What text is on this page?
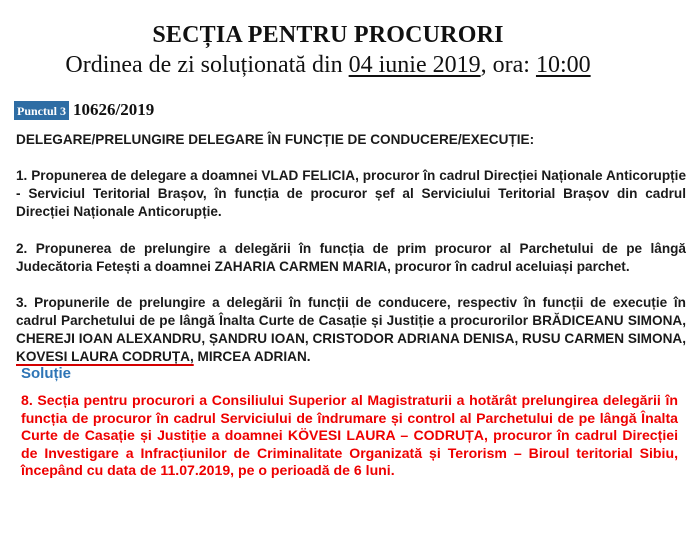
SECȚIA PENTRU PROCURORI
Ordinea de zi soluționată din 04 iunie 2019, ora: 10:00
Punctul 3 10626/2019
DELEGARE/PRELUNGIRE DELEGARE ÎN FUNCȚIE DE CONDUCERE/EXECUȚIE:
1. Propunerea de delegare a doamnei VLAD FELICIA, procuror în cadrul Direcției Naționale Anticorupție - Serviciul Teritorial Brașov, în funcția de procuror șef al Serviciului Teritorial Brașov din cadrul Direcției Naționale Anticorupție.
2. Propunerea de prelungire a delegării în funcția de prim procuror al Parchetului de pe lângă Judecătoria Fetești a doamnei ZAHARIA CARMEN MARIA, procuror în cadrul aceluiași parchet.
3. Propunerile de prelungire a delegării în funcții de conducere, respectiv în funcții de execuție în cadrul Parchetului de pe lângă Înalta Curte de Casație și Justiție a procurorilor BRĂDICEANU SIMONA, CHEREJI IOAN ALEXANDRU, ȘANDRU IOAN, CRISTODOR ADRIANA DENISA, RUSU CARMEN SIMONA, KOVESI LAURA CODRUȚA, MIRCEA ADRIAN.
Soluție
8. Secția pentru procurori a Consiliului Superior al Magistraturii a hotărât prelungirea delegării în funcția de procuror în cadrul Serviciului de îndrumare și control al Parchetului de pe lângă Înalta Curte de Casație și Justiție a doamnei KÖVESI LAURA – CODRUȚA, procuror în cadrul Direcției de Investigare a Infracțiunilor de Criminalitate Organizată și Terorism – Biroul teritorial Sibiu, începând cu data de 11.07.2019, pe o perioadă de 6 luni.
